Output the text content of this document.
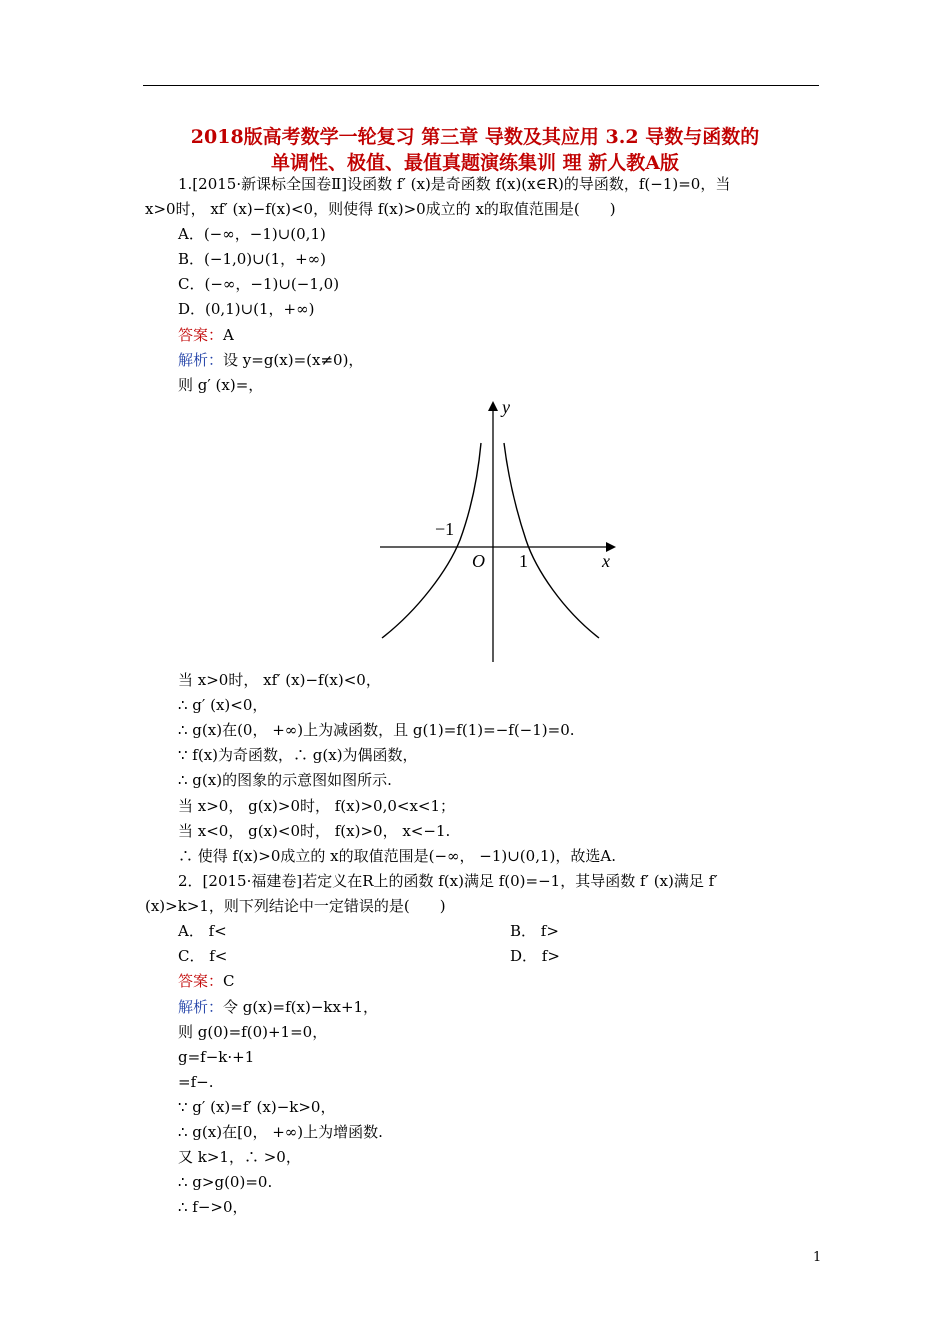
2018版高考数学一轮复习 第三章 导数及其应用 3.2 导数与函数的
单调性、极值、最值真题演练集训 理 新人教A版
1.[2015·新课标全国卷Ⅱ]设函数 f′ (x)是奇函数 f(x)(x∈R)的导函数，f(−1)=0，当
x>0时， xf′ (x)−f(x)<0，则使得 f(x)>0成立的 x的取值范围是(　　)
A．(−∞，−1)∪(0,1)
B．(−1,0)∪(1，+∞)
C．(−∞，−1)∪(−1,0)
D．(0,1)∪(1，+∞)
答案：A
解析：设 y=g(x)=(x≠0)，
则 g′ (x)=，
y
x
O
−1
1
当 x>0时， xf′ (x)−f(x)<0，
∴ g′ (x)<0，
∴ g(x)在(0， +∞)上为减函数，且 g(1)=f(1)=−f(−1)=0.
∵ f(x)为奇函数，∴ g(x)为偶函数，
∴ g(x)的图象的示意图如图所示.
当 x>0， g(x)>0时， f(x)>0,0<x<1；
当 x<0， g(x)<0时， f(x)>0， x<−1.
∴ 使得 f(x)>0成立的 x的取值范围是(−∞， −1)∪(0,1)，故选A.
2．[2015·福建卷]若定义在R上的函数 f(x)满足 f(0)=−1，其导函数 f′ (x)满足 f′
(x)>k>1，则下列结论中一定错误的是(　　)
A． f<	B． f>
C． f<	D． f>
答案：C
解析：令 g(x)=f(x)−kx+1，
则 g(0)=f(0)+1=0，
g=f−k·+1
=f−.
∵ g′ (x)=f′ (x)−k>0，
∴ g(x)在[0， +∞)上为增函数.
又 k>1，∴ >0，
∴ g>g(0)=0.
∴ f−>0，
1
